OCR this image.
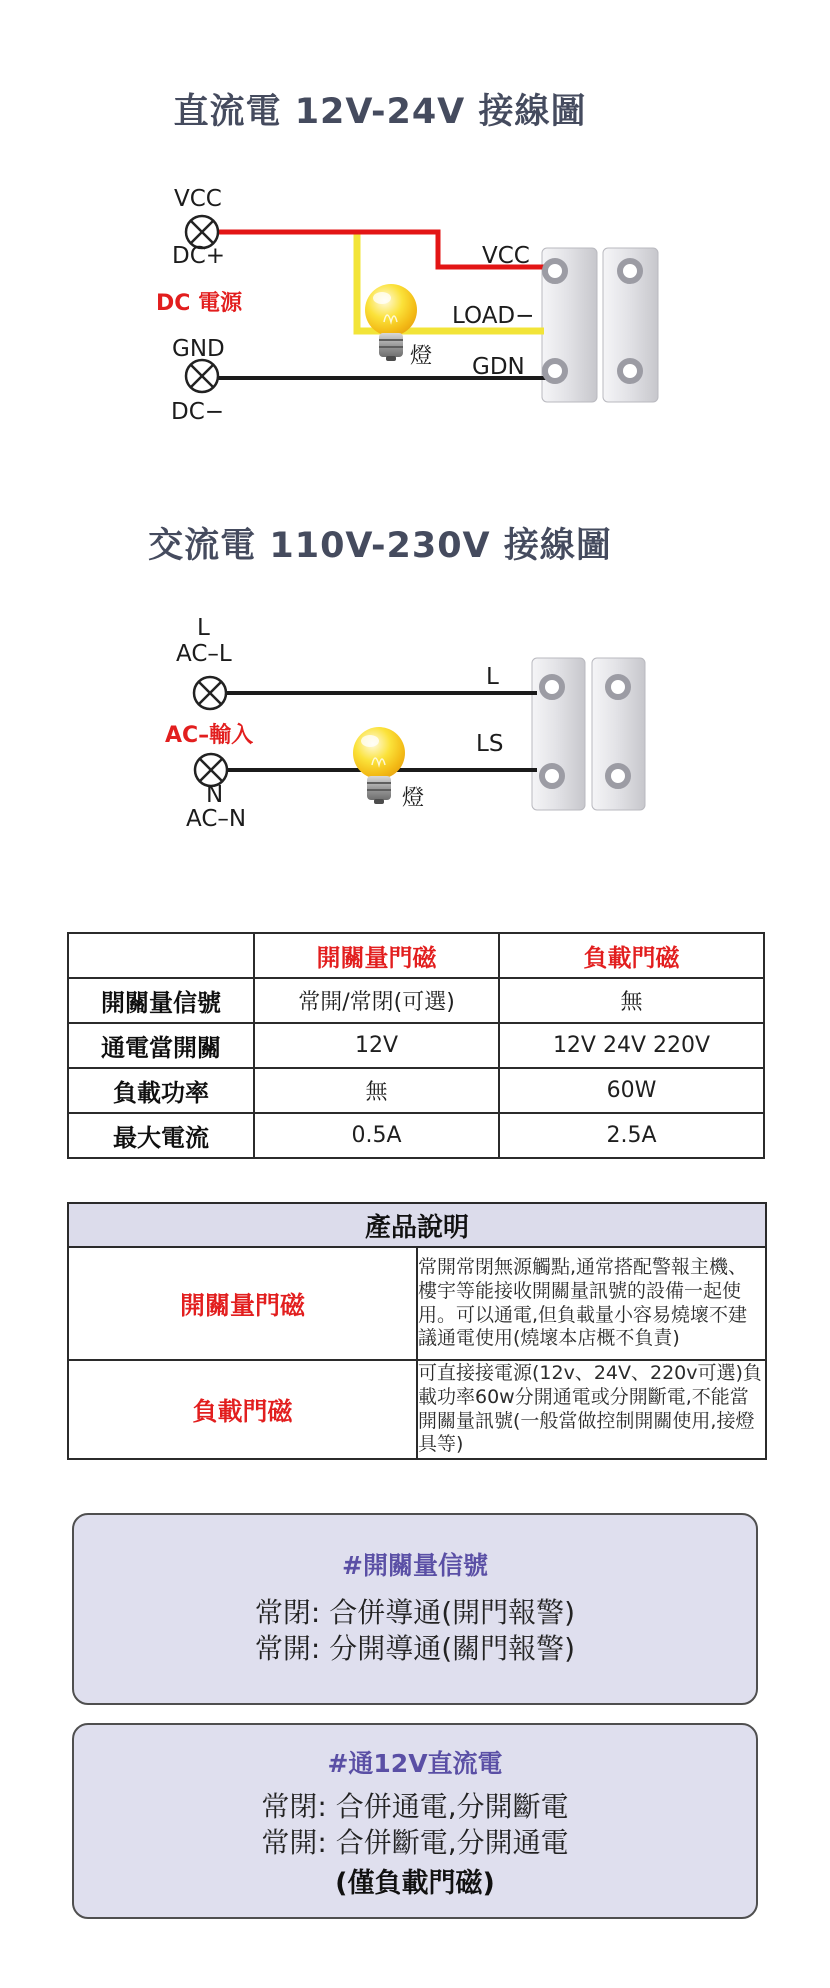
直流電 12V-24V 接線圖
VCC
DC+
DC 電源
GND
DC−
VCC
LOAD−
GDN
燈
交流電 110V-230V 接線圖
L
AC–L
AC–輸入
N
AC–N
L
LS
燈
	開關量門磁	負載門磁
開關量信號	常開/常閉(可選)	無
通電當開關	12V	12V 24V 220V
負載功率	無	60W
最大電流	0.5A	2.5A
產品說明	
開關量門磁	常開常閉無源觸點,通常搭配警報主機、樓宇等能接收開關量訊號的設備一起使用。可以通電,但負載量小容易燒壞不建議通電使用(燒壞本店概不負責)
負載門磁	可直接接電源(12v、24V、220v可選)負載功率60w分開通電或分開斷電,不能當開關量訊號(一般當做控制開關使用,接燈具等)
#開關量信號
常閉: 合併導通(開門報警)
常開: 分開導通(關門報警)
#通12V直流電
常閉: 合併通電,分開斷電
常開: 合併斷電,分開通電
(僅負載門磁)
